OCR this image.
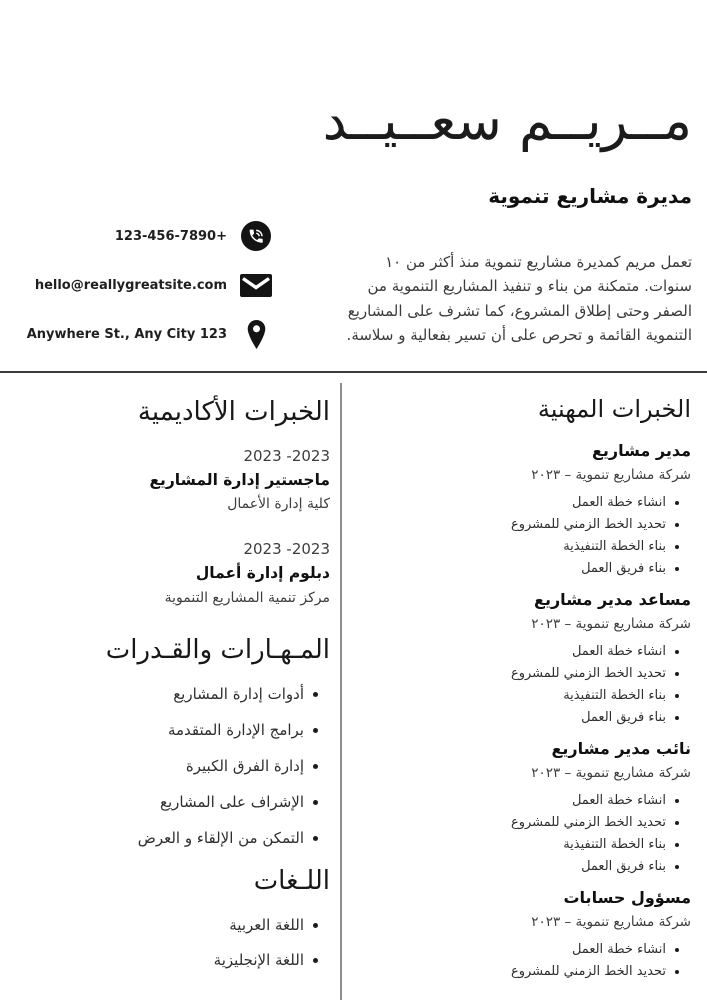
مــريــم سعــيــد
مديرة مشاريع تنموية
123-456-7890+
hello@reallygreatsite.com
Anywhere St., Any City 123
تعمل مريم كمديرة مشاريع تنموية منذ أكثر من ١٠ سنوات. متمكنة من بناء و تنفيذ المشاريع التنموية من الصفر وحتى إطلاق المشروع، كما تشرف على المشاريع التنموية القائمة و تحرص على أن تسير بفعالية و سلاسة.
الخبرات الأكاديمية
2023 -2023
ماجستير إدارة المشاريع
كلية إدارة الأعمال
2023 -2023
دبلوم إدارة أعمال
مركز تنمية المشاريع التنموية
المـهـارات والقـدرات
أدوات إدارة المشاريع
برامج الإدارة المتقدمة
إدارة الفرق الكبيرة
الإشراف على المشاريع
التمكن من الإلقاء و العرض
اللـغات
اللغة العربية
اللغة الإنجليزية
الخبرات المهنية
مدير مشاريع
شركة مشاريع تنموية – ٢٠٢٣
انشاء خطة العمل
تحديد الخط الزمني للمشروع
بناء الخطة التنفيذية
بناء فريق العمل
مساعد مدير مشاريع
شركة مشاريع تنموية – ٢٠٢٣
انشاء خطة العمل
تحديد الخط الزمني للمشروع
بناء الخطة التنفيذية
بناء فريق العمل
نائب مدير مشاريع
شركة مشاريع تنموية – ٢٠٢٣
انشاء خطة العمل
تحديد الخط الزمني للمشروع
بناء الخطة التنفيذية
بناء فريق العمل
مسؤول حسابات
شركة مشاريع تنموية – ٢٠٢٣
انشاء خطة العمل
تحديد الخط الزمني للمشروع
